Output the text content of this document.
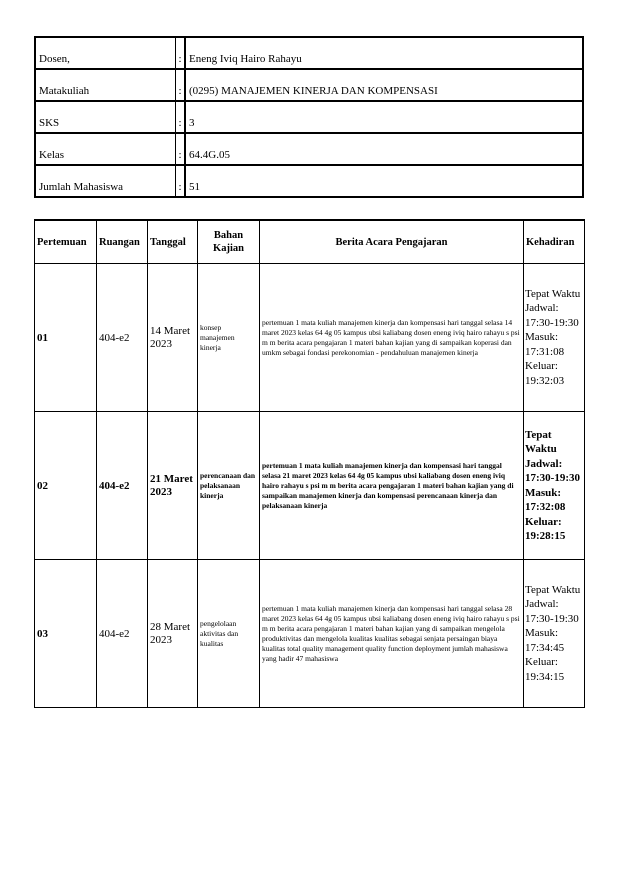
Dosen,	:	Eneng Iviq Hairo Rahayu
Matakuliah	:	(0295) MANAJEMEN KINERJA DAN KOMPENSASI
SKS	:	3
Kelas	:	64.4G.05
Jumlah Mahasiswa	:	51
Pertemuan	Ruangan	Tanggal	Bahan Kajian	Berita Acara Pengajaran	Kehadiran
01	404-e2	14 Maret 2023	konsep manajemen kinerja	pertemuan 1 mata kuliah manajemen kinerja dan kompensasi hari tanggal selasa 14 maret 2023 kelas 64 4g 05 kampus ubsi kaliabang dosen eneng iviq hairo rahayu s psi m m berita acara pengajaran 1 materi bahan kajian yang di sampaikan koperasi dan umkm sebagai fondasi perekonomian - pendahuluan manajemen kinerja	Tepat Waktu Jadwal: 17:30-19:30 Masuk: 17:31:08 Keluar: 19:32:03
02	404-e2	21 Maret 2023	perencanaan dan pelaksanaan kinerja	pertemuan 1 mata kuliah manajemen kinerja dan kompensasi hari tanggal selasa 21 maret 2023 kelas 64 4g 05 kampus ubsi kaliabang dosen eneng iviq hairo rahayu s psi m m berita acara pengajaran 1 materi bahan kajian yang di sampaikan manajemen kinerja dan kompensasi perencanaan kinerja dan pelaksanaan kinerja	Tepat Waktu Jadwal: 17:30-19:30 Masuk: 17:32:08 Keluar: 19:28:15
03	404-e2	28 Maret 2023	pengelolaan aktivitas dan kualitas	pertemuan 1 mata kuliah manajemen kinerja dan kompensasi hari tanggal selasa 28 maret 2023 kelas 64 4g 05 kampus ubsi kaliabang dosen eneng iviq hairo rahayu s psi m m berita acara pengajaran 1 materi bahan kajian yang di sampaikan mengelola produktivitas dan mengelola kualitas kualitas sebagai senjata persaingan biaya kualitas total quality management quality function deployment jumlah mahasiswa yang hadir 47 mahasiswa	Tepat Waktu Jadwal: 17:30-19:30 Masuk: 17:34:45 Keluar: 19:34:15
